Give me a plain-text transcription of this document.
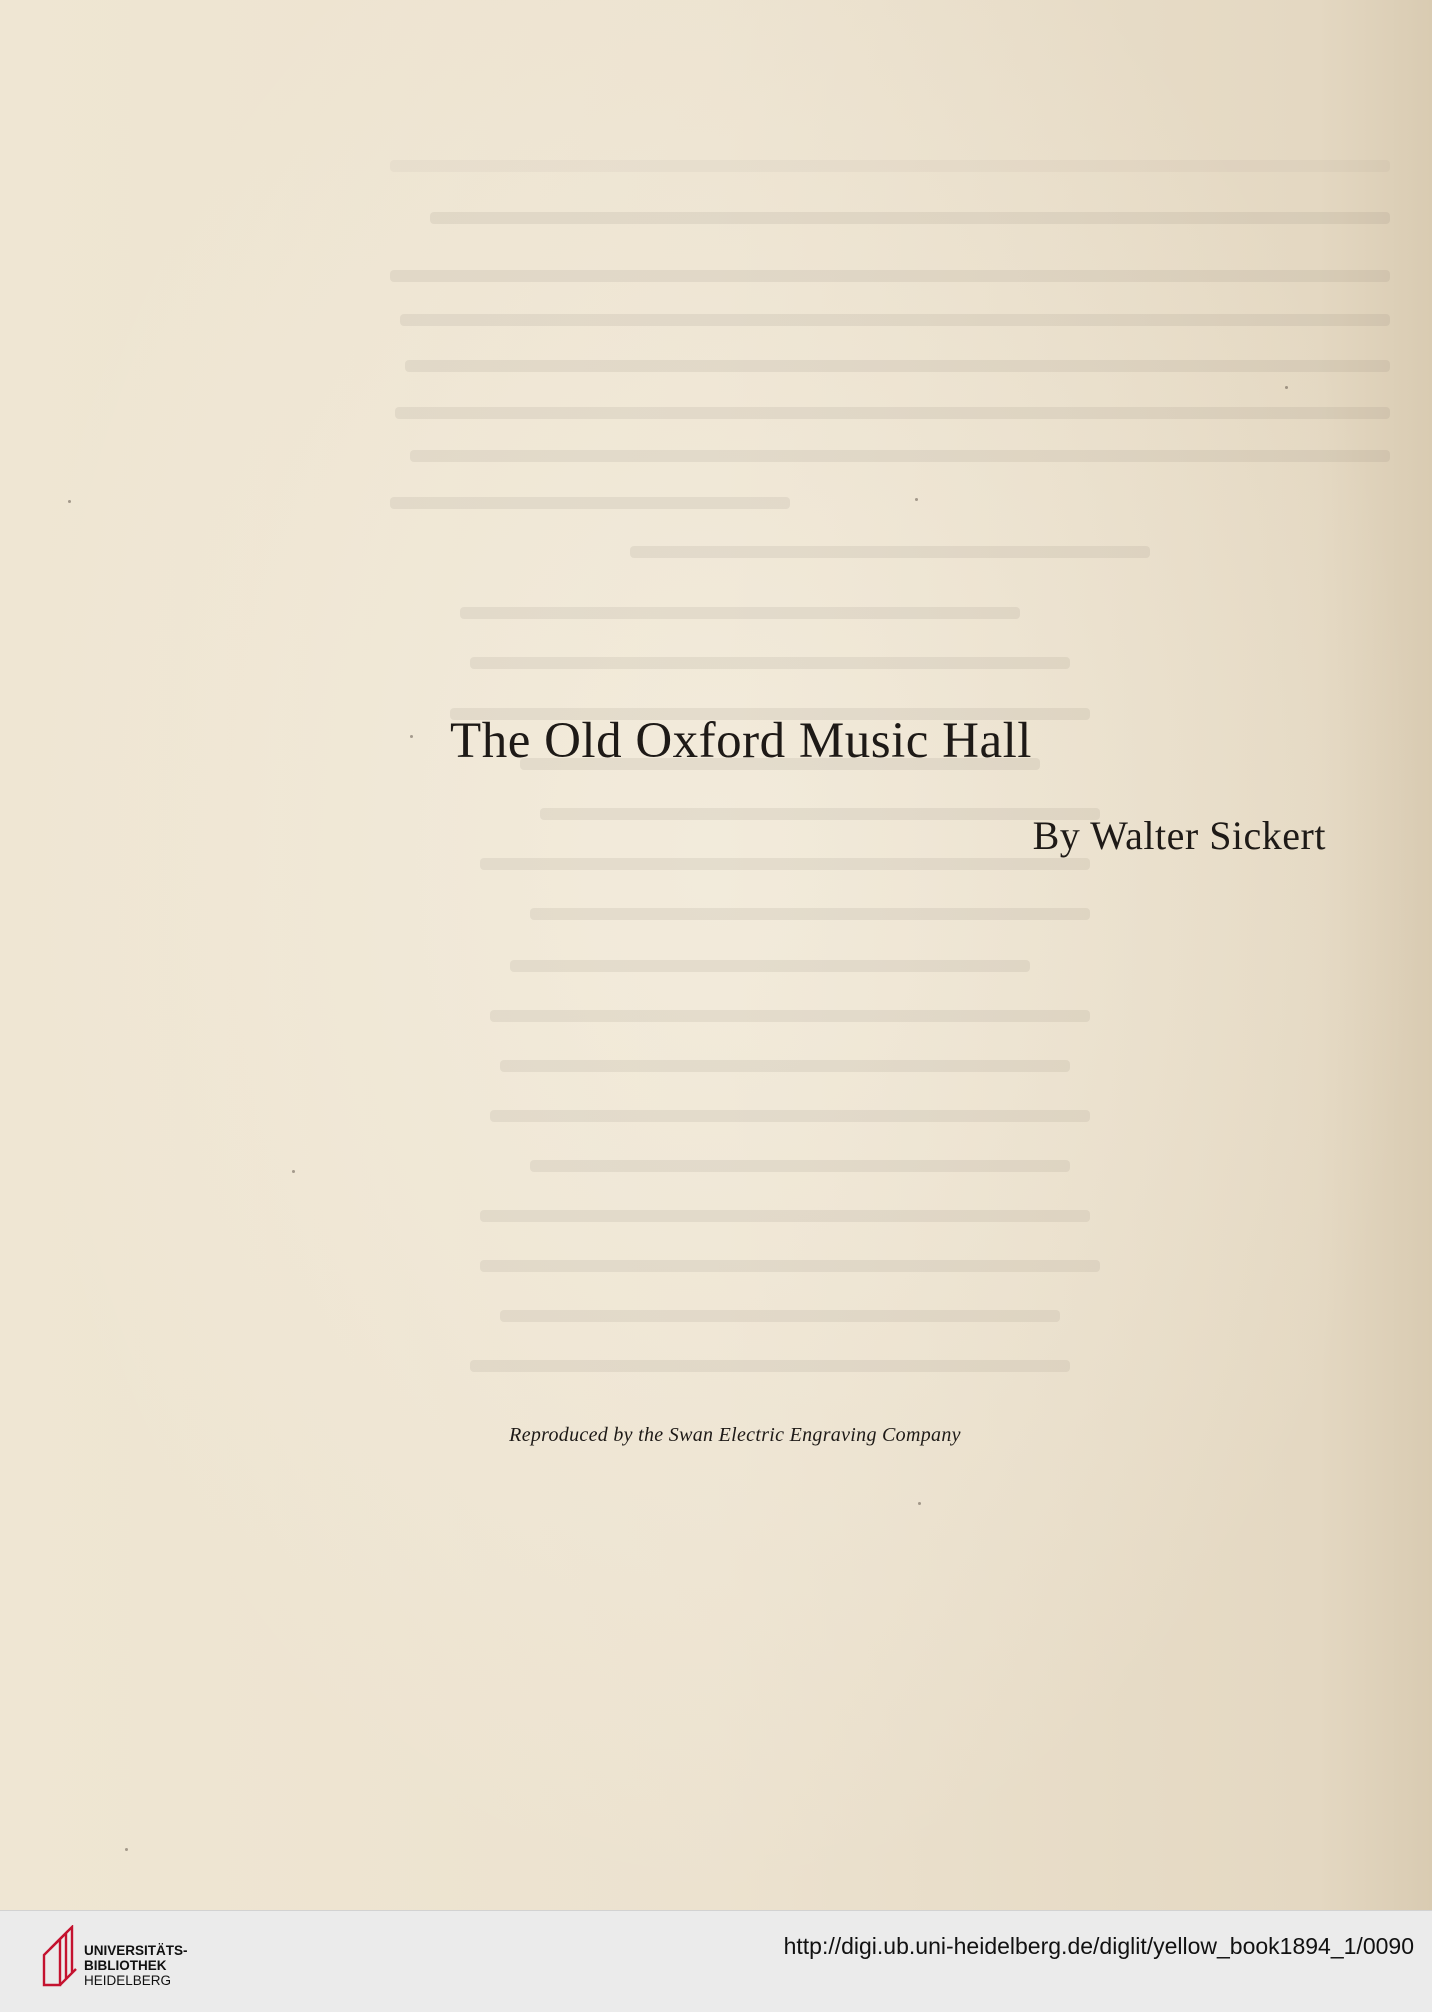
The Old Oxford Music Hall

By Walter Sickert

Reproduced by the Swan Electric Engraving Company

UNIVERSITÄTS-
BIBLIOTHEK
HEIDELBERG
http://digi.ub.uni-heidelberg.de/diglit/yellow_book1894_1/0090
